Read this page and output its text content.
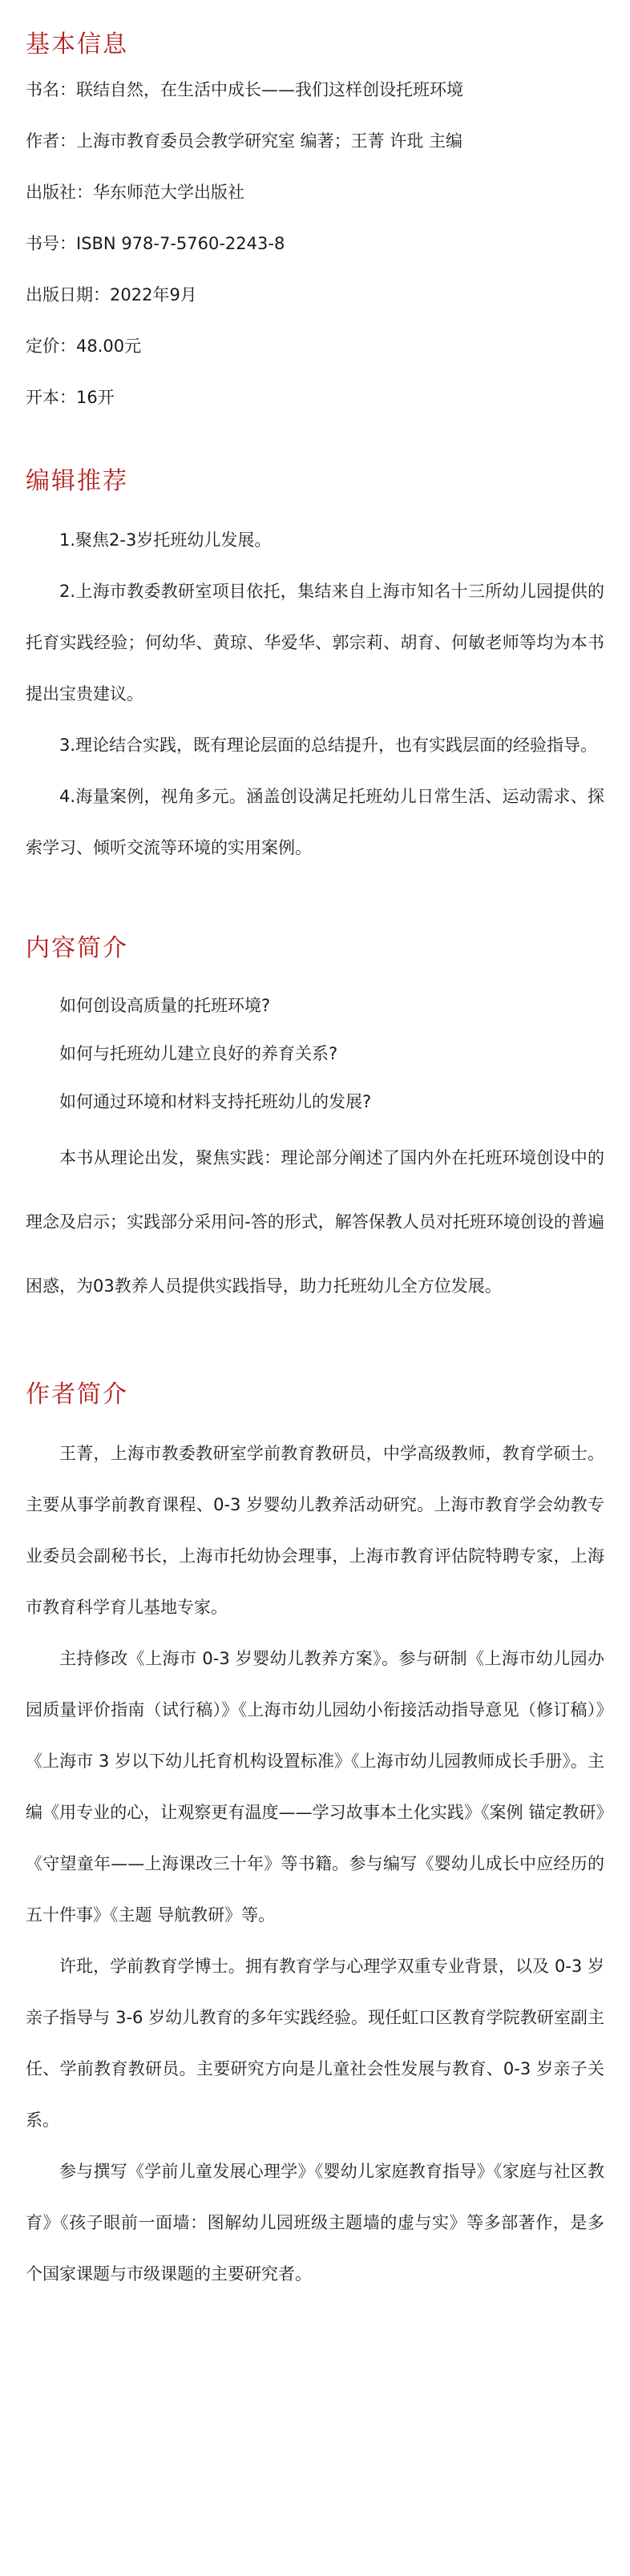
基本信息

书名：联结自然，在生活中成长——我们这样创设托班环境

作者：上海市教育委员会教学研究室 编著；王菁 许玭 主编

出版社：华东师范大学出版社

书号：ISBN 978-7-5760-2243-8

出版日期：2022年9月

定价：48.00元

开本：16开

编辑推荐

1.聚焦2-3岁托班幼儿发展。

2.上海市教委教研室项目依托，集结来自上海市知名十三所幼儿园提供的托育实践经验；何幼华、黄琼、华爱华、郭宗莉、胡育、何敏老师等均为本书提出宝贵建议。

3.理论结合实践，既有理论层面的总结提升，也有实践层面的经验指导。

4.海量案例，视角多元。涵盖创设满足托班幼儿日常生活、运动需求、探索学习、倾听交流等环境的实用案例。

内容简介

如何创设高质量的托班环境?

如何与托班幼儿建立良好的养育关系?

如何通过环境和材料支持托班幼儿的发展?

本书从理论出发，聚焦实践：理论部分阐述了国内外在托班环境创设中的理念及启示；实践部分采用问-答的形式，解答保教人员对托班环境创设的普遍困惑，为03教养人员提供实践指导，助力托班幼儿全方位发展。

作者简介

王菁，上海市教委教研室学前教育教研员，中学高级教师，教育学硕士。主要从事学前教育课程、0-3 岁婴幼儿教养活动研究。上海市教育学会幼教专业委员会副秘书长，上海市托幼协会理事，上海市教育评估院特聘专家，上海市教育科学育儿基地专家。

主持修改《上海市 0-3 岁婴幼儿教养方案》。参与研制《上海市幼儿园办园质量评价指南（试行稿）》《上海市幼儿园幼小衔接活动指导意见（修订稿）》《上海市 3 岁以下幼儿托育机构设置标准》《上海市幼儿园教师成长手册》。主编《用专业的心，让观察更有温度——学习故事本土化实践》《案例 锚定教研》《守望童年——上海课改三十年》等书籍。参与编写《婴幼儿成长中应经历的五十件事》《主题 导航教研》等。

许玭，学前教育学博士。拥有教育学与心理学双重专业背景，以及 0-3 岁亲子指导与 3-6 岁幼儿教育的多年实践经验。现任虹口区教育学院教研室副主任、学前教育教研员。主要研究方向是儿童社会性发展与教育、0-3 岁亲子关系。

参与撰写《学前儿童发展心理学》《婴幼儿家庭教育指导》《家庭与社区教育》《孩子眼前一面墙：图解幼儿园班级主题墙的虚与实》等多部著作，是多个国家课题与市级课题的主要研究者。
